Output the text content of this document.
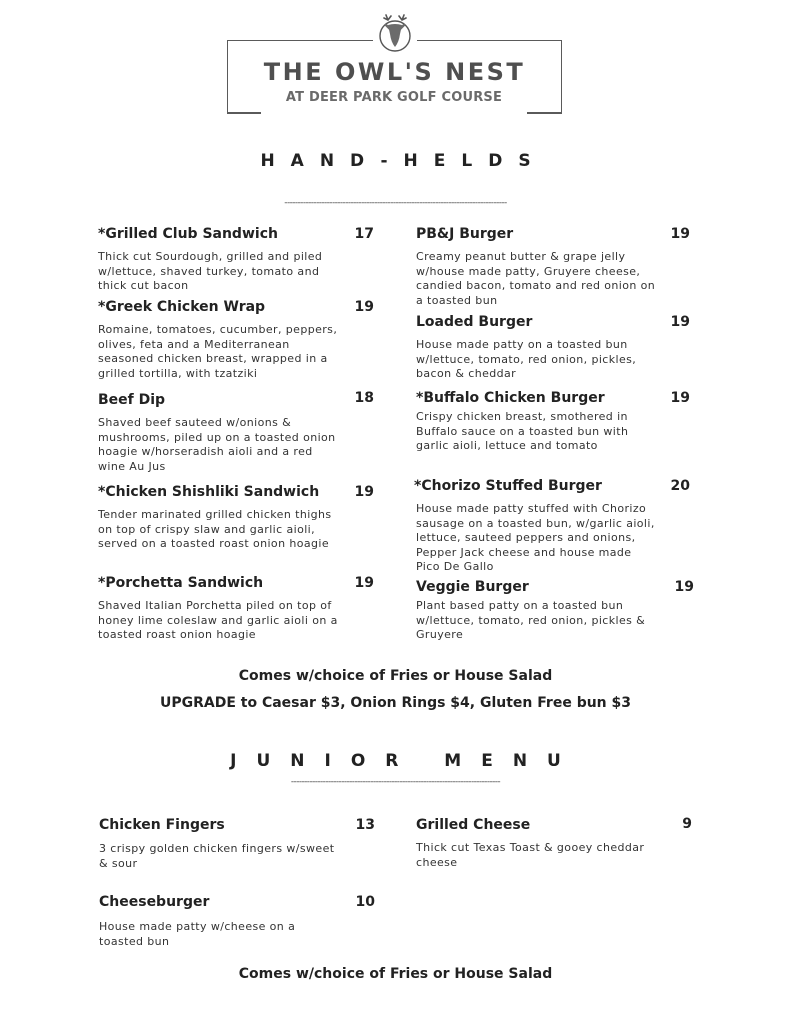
THE OWL'S NEST
AT DEER PARK GOLF COURSE
HAND-HELDS
------------------------------------------------------------------------------------
*Grilled Club Sandwich
Thick cut Sourdough, grilled and piled w/lettuce, shaved turkey, tomato and thick cut bacon
17
*Greek Chicken Wrap
Romaine, tomatoes, cucumber, peppers, olives, feta and a Mediterranean seasoned chicken breast, wrapped in a grilled tortilla, with tzatziki
19
Beef Dip
Shaved beef sauteed w/onions & mushrooms, piled up on a toasted onion hoagie w/horseradish aioli and a red wine Au Jus
18
*Chicken Shishliki Sandwich
Tender marinated grilled chicken thighs on top of crispy slaw and garlic aioli, served on a toasted roast onion hoagie
19
*Porchetta Sandwich
Shaved Italian Porchetta piled on top of honey lime coleslaw and garlic aioli on a toasted roast onion hoagie
19
PB&J Burger
Creamy peanut butter & grape jelly w/house made patty, Gruyere cheese, candied bacon, tomato and red onion on a toasted bun
19
Loaded Burger
House made patty on a toasted bun w/lettuce, tomato, red onion, pickles, bacon & cheddar
19
*Buffalo Chicken Burger
Crispy chicken breast, smothered in Buffalo sauce on a toasted bun with garlic aioli, lettuce and tomato
19
*Chorizo Stuffed Burger
House made patty stuffed with Chorizo sausage on a toasted bun, w/garlic aioli, lettuce, sauteed peppers and onions, Pepper Jack cheese and house made Pico De Gallo
20
Veggie Burger
Plant based patty on a toasted bun w/lettuce, tomato, red onion, pickles & Gruyere
19
Comes w/choice of Fries or House Salad
UPGRADE to Caesar $3, Onion Rings $4, Gluten Free bun $3
JUNIOR MENU
-------------------------------------------------------------------------------
Chicken Fingers
3 crispy golden chicken fingers w/sweet & sour
13
Cheeseburger
House made patty w/cheese on a toasted bun
10
Grilled Cheese
Thick cut Texas Toast & gooey cheddar cheese
9
Comes w/choice of Fries or House Salad
